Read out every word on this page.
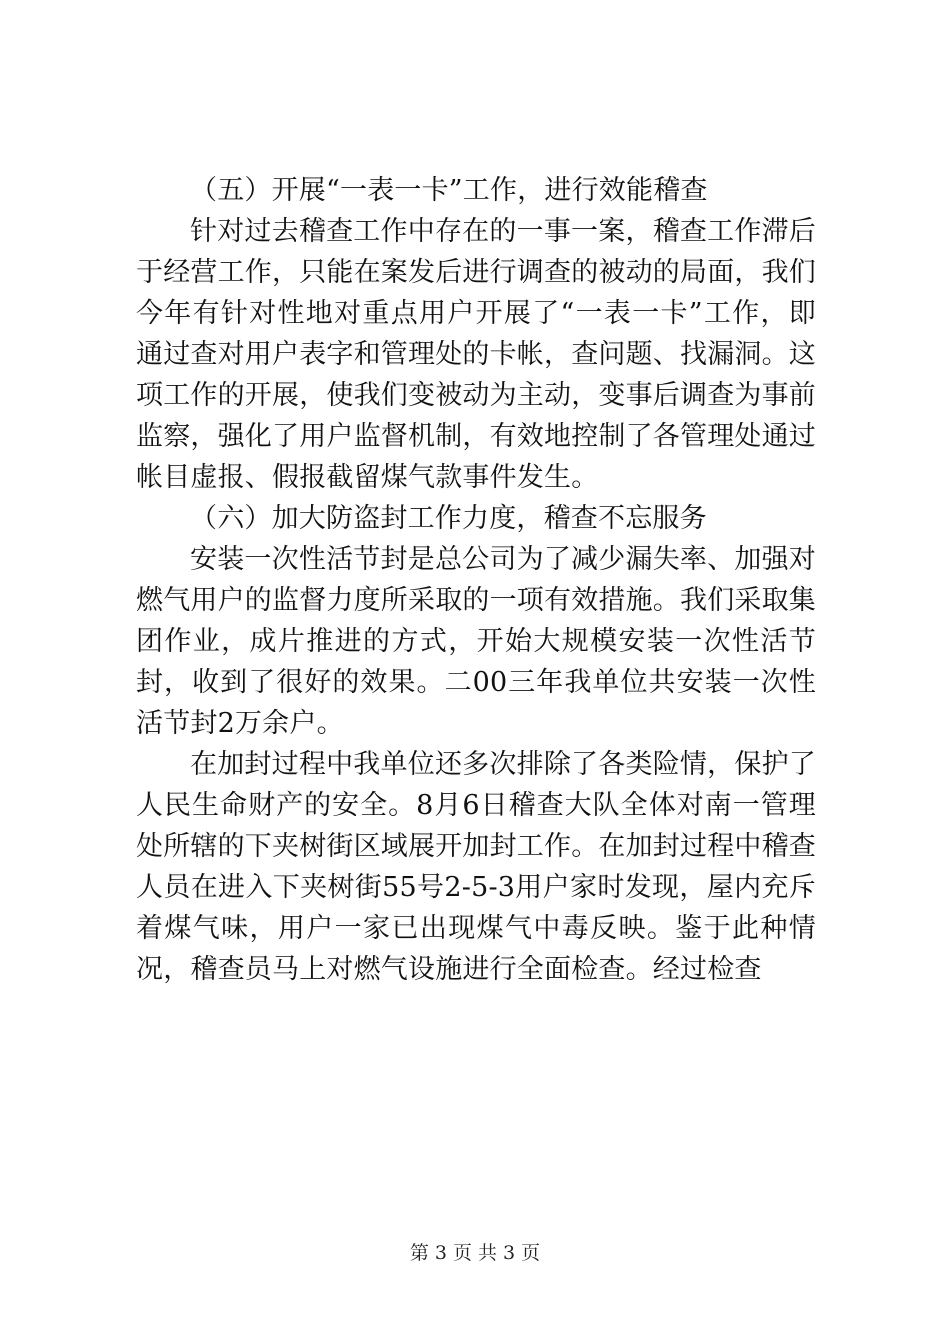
（五）开展“一表一卡”工作，进行效能稽查

针对过去稽查工作中存在的一事一案，稽查工作滞后于经营工作，只能在案发后进行调查的被动的局面，我们今年有针对性地对重点用户开展了“一表一卡”工作，即通过查对用户表字和管理处的卡帐，查问题、找漏洞。这项工作的开展，使我们变被动为主动，变事后调查为事前监察，强化了用户监督机制，有效地控制了各管理处通过帐目虚报、假报截留煤气款事件发生。

（六）加大防盗封工作力度，稽查不忘服务

安装一次性活节封是总公司为了减少漏失率、加强对燃气用户的监督力度所采取的一项有效措施。我们采取集团作业，成片推进的方式，开始大规模安装一次性活节封，收到了很好的效果。二00三年我单位共安装一次性活节封2万余户。

在加封过程中我单位还多次排除了各类险情，保护了人民生命财产的安全。8月6日稽查大队全体对南一管理处所辖的下夹树街区域展开加封工作。在加封过程中稽查人员在进入下夹树街55号2-5-3用户家时发现，屋内充斥着煤气味，用户一家已出现煤气中毒反映。鉴于此种情况，稽查员马上对燃气设施进行全面检查。经过检查

第 3 页 共 3 页
